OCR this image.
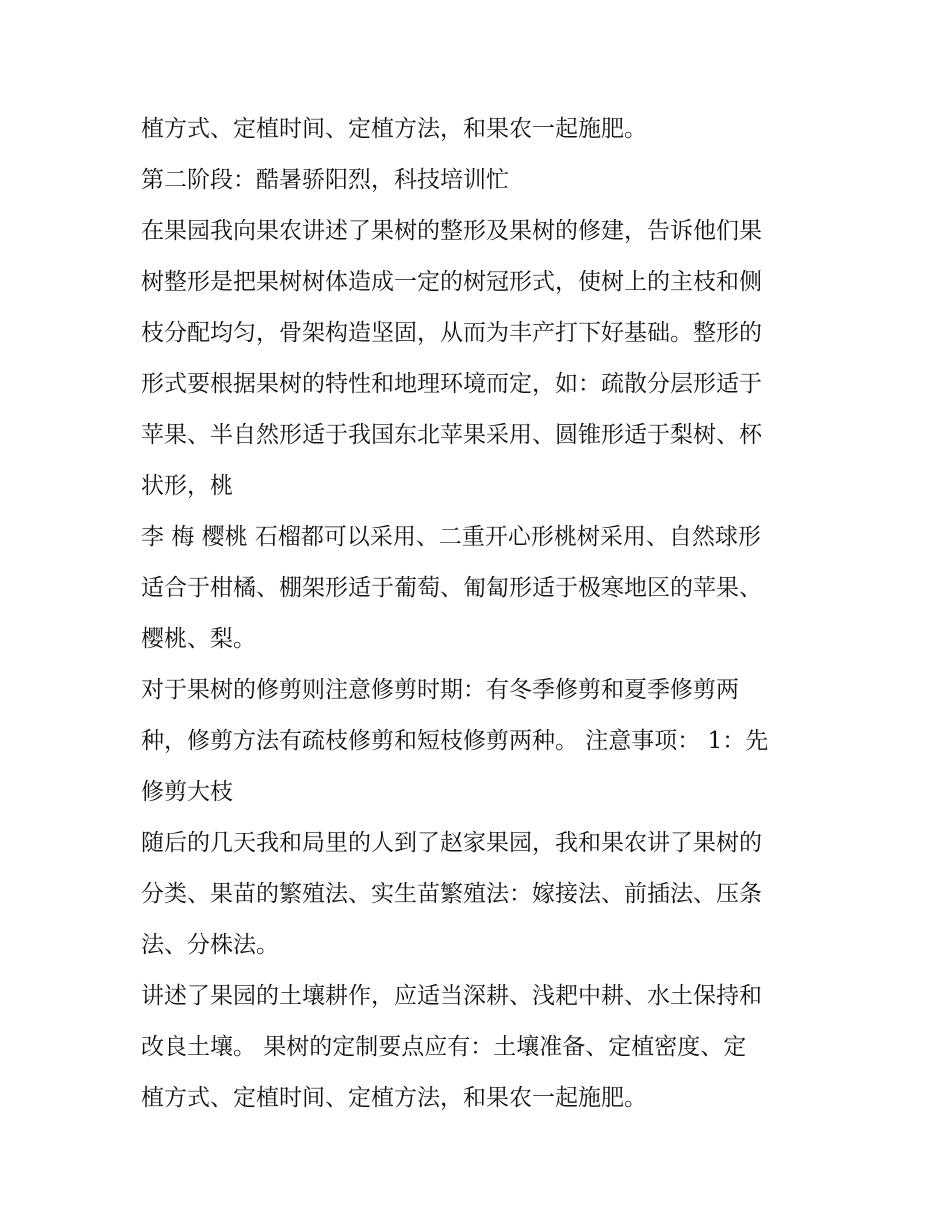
植方式、定植时间、定植方法，和果农一起施肥。
第二阶段：酷暑骄阳烈，科技培训忙
在果园我向果农讲述了果树的整形及果树的修建，告诉他们果
树整形是把果树树体造成一定的树冠形式，使树上的主枝和侧
枝分配均匀，骨架构造坚固，从而为丰产打下好基础。整形的
形式要根据果树的特性和地理环境而定，如：疏散分层形适于
苹果、半自然形适于我国东北苹果采用、圆锥形适于梨树、杯
状形，桃
李 梅 樱桃 石榴都可以采用、二重开心形桃树采用、自然球形
适合于柑橘、棚架形适于葡萄、匍匐形适于极寒地区的苹果、
樱桃、梨。
对于果树的修剪则注意修剪时期：有冬季修剪和夏季修剪两
种，修剪方法有疏枝修剪和短枝修剪两种。 注意事项： 1：先
修剪大枝
随后的几天我和局里的人到了赵家果园，我和果农讲了果树的
分类、果苗的繁殖法、实生苗繁殖法：嫁接法、前插法、压条
法、分株法。
讲述了果园的土壤耕作，应适当深耕、浅耙中耕、水土保持和
改良土壤。 果树的定制要点应有：土壤准备、定植密度、定
植方式、定植时间、定植方法，和果农一起施肥。
